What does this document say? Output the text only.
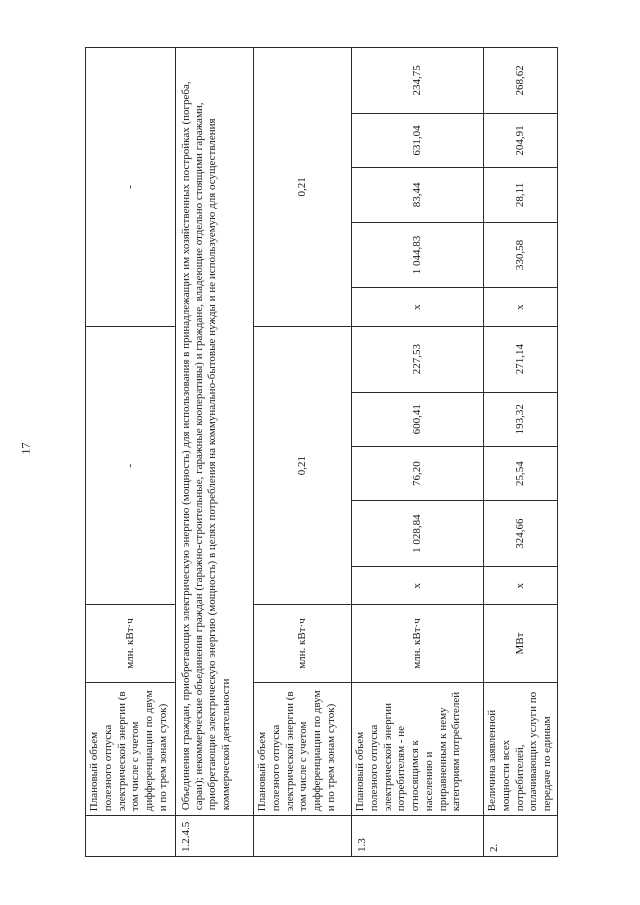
17
	Плановый объем полезного отпуска электрической энергии (в том числе с учетом дифференциации по двум и по трем зонам суток)	млн. кВт·ч	-					-				
1.2.4.5	Объединения граждан, приобретающих электрическую энергию (мощность) для использования в принадлежащих им хозяйственных постройках (погреба, сараи); некоммерческие объединения граждан (гаражно-строительные, гаражные кооперативы) и граждане, владеющие отдельно стоящими гаражами, приобретающие электрическую энергию (мощность) в целях потребления на коммунально-бытовые нужды и не используемую для осуществления коммерческой деятельности											
	Плановый объем полезного отпуска электрической энергии (в том числе с учетом дифференциации по двум и по трем зонам суток)	млн. кВт·ч	0,21					0,21				
1.3	Плановый объем полезного отпуска электрической энергии потребителям - не относящимся к населению и приравненным к нему категориям потребителей	млн. кВт·ч	х	1 028,84	76,20	600,41	227,53	х	1 044,83	83,44	631,04	234,75
2.	Величина заявленной мощности всех потребителей, оплачивающих услуги по передаче по единым	МВт	х	324,66	25,54	193,32	271,14	х	330,58	28,11	204,91	268,62
